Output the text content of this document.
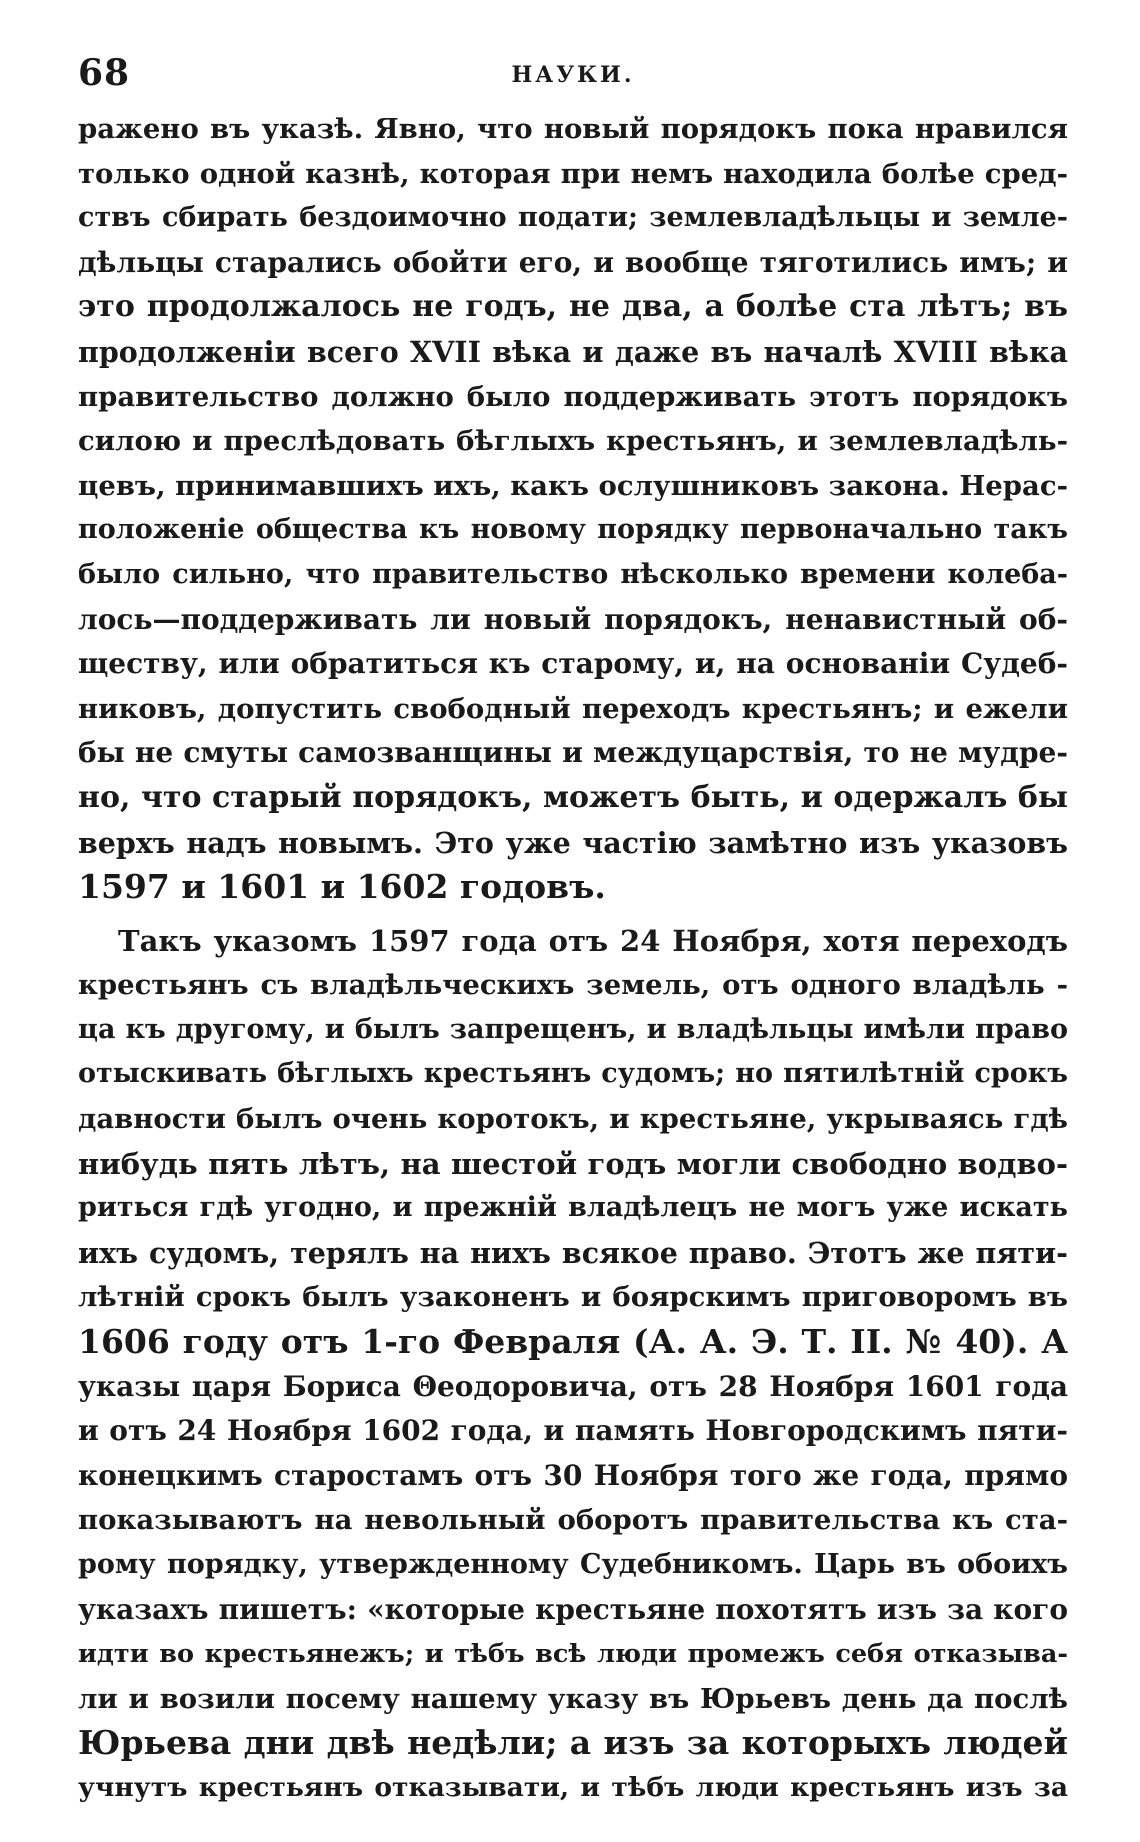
68	НАУКИ.
ражено въ указѣ. Явно, что новый порядокъ пока нравился
только одной казнѣ, которая при немъ находила болѣе сред-
ствъ сбирать бездоимочно подати; землевладѣльцы и земле-
дѣльцы старались обойти его, и вообще тяготились имъ; и
это продолжалось не годъ, не два, а болѣе ста лѣтъ; въ
продолженіи всего XVII вѣка и даже въ началѣ XVIII вѣка
правительство должно было поддерживать этотъ порядокъ
силою и преслѣдовать бѣглыхъ крестьянъ, и землевладѣль-
цевъ, принимавшихъ ихъ, какъ ослушниковъ закона. Нерас-
положеніе общества къ новому порядку первоначально такъ
было сильно, что правительство нѣсколько времени колеба-
лось—поддерживать ли новый порядокъ, ненавистный об-
ществу, или обратиться къ старому, и, на основаніи Судеб-
никовъ, допустить свободный переходъ крестьянъ; и ежели
бы не смуты самозванщины и междуцарствія, то не мудре-
но, что старый порядокъ, можетъ быть, и одержалъ бы
верхъ надъ новымъ. Это уже частію замѣтно изъ указовъ
1597 и 1601 и 1602 годовъ.
Такъ указомъ 1597 года отъ 24 Ноября, хотя переходъ
крестьянъ съ владѣльческихъ земель, отъ одного владѣль -
ца къ другому, и былъ запрещенъ, и владѣльцы имѣли право
отыскивать бѣглыхъ крестьянъ судомъ; но пятилѣтній срокъ
давности былъ очень коротокъ, и крестьяне, укрываясь гдѣ
нибудь пять лѣтъ, на шестой годъ могли свободно водво-
риться гдѣ угодно, и прежній владѣлецъ не могъ уже искать
ихъ судомъ, терялъ на нихъ всякое право. Этотъ же пяти-
лѣтній срокъ былъ узаконенъ и боярскимъ приговоромъ въ
1606 году отъ 1-го Февраля (А. А. Э. Т. II. № 40). А
указы царя Бориса Θеодоровича, отъ 28 Ноября 1601 года
и отъ 24 Ноября 1602 года, и память Новгородскимъ пяти-
конецкимъ старостамъ отъ 30 Ноября того же года, прямо
показываютъ на невольный оборотъ правительства къ ста-
рому порядку, утвержденному Судебникомъ. Царь въ обоихъ
указахъ пишетъ: «которые крестьяне похотятъ изъ за кого
идти во крестьянежъ; и тѣбъ всѣ люди промежъ себя отказыва-
ли и возили посему нашему указу въ Юрьевъ день да послѣ
Юрьева дни двѣ недѣли; а изъ за которыхъ людей
учнутъ крестьянъ отказывати, и тѣбъ люди крестьянъ изъ за
